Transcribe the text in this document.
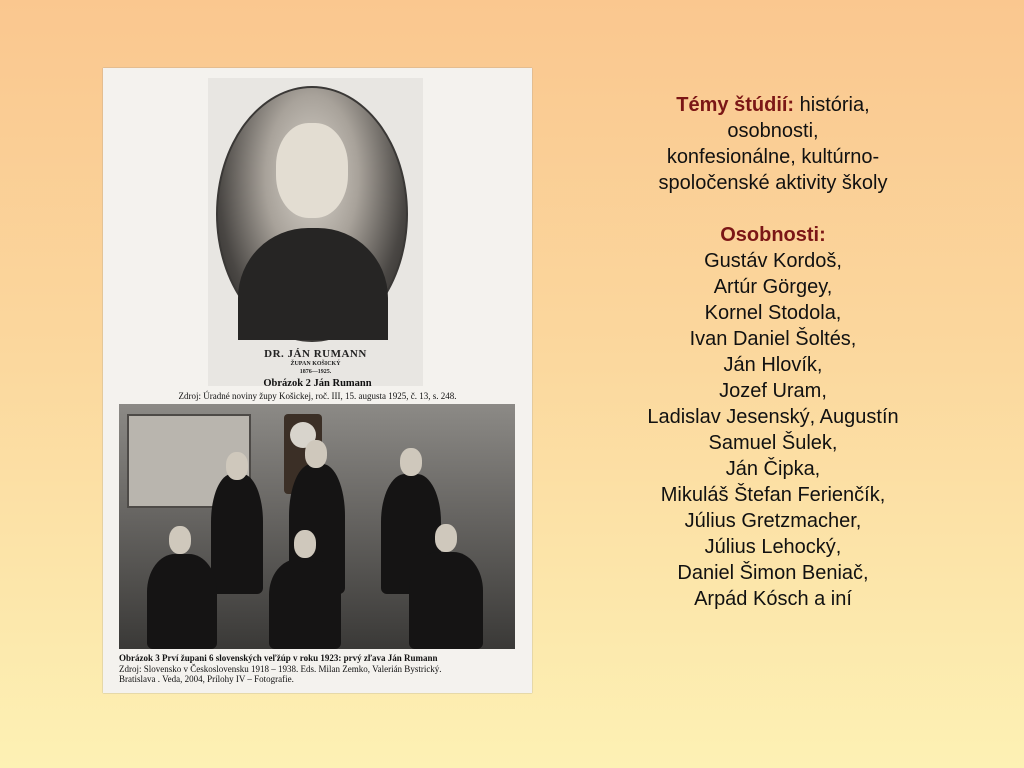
DR. JÁN RUMANN
ŽUPAN KOŠICKÝ
1876—1925.
Obrázok 2 Ján Rumann
Zdroj: Úradné noviny župy Košickej, roč. III, 15. augusta 1925, č. 13, s. 248.
Obrázok 3 Prví župani 6 slovenských veľžúp v roku 1923: prvý zľava Ján Rumann
Zdroj: Slovensko v Československu 1918 – 1938. Eds. Milan Zemko, Valerián Bystrický.
Bratislava . Veda, 2004, Prílohy IV – Fotografie.
Témy štúdií: história,
osobnosti,
konfesionálne, kultúrno-
spoločenské aktivity školy
Osobnosti:
Gustáv Kordoš,
Artúr Görgey,
Kornel Stodola,
Ivan Daniel Šoltés,
Ján Hlovík,
Jozef Uram,
Ladislav Jesenský, Augustín
Samuel Šulek,
Ján Čipka,
Mikuláš Štefan Ferienčík,
Július Gretzmacher,
Július Lehocký,
Daniel Šimon Beniač,
Arpád Kósch a iní
